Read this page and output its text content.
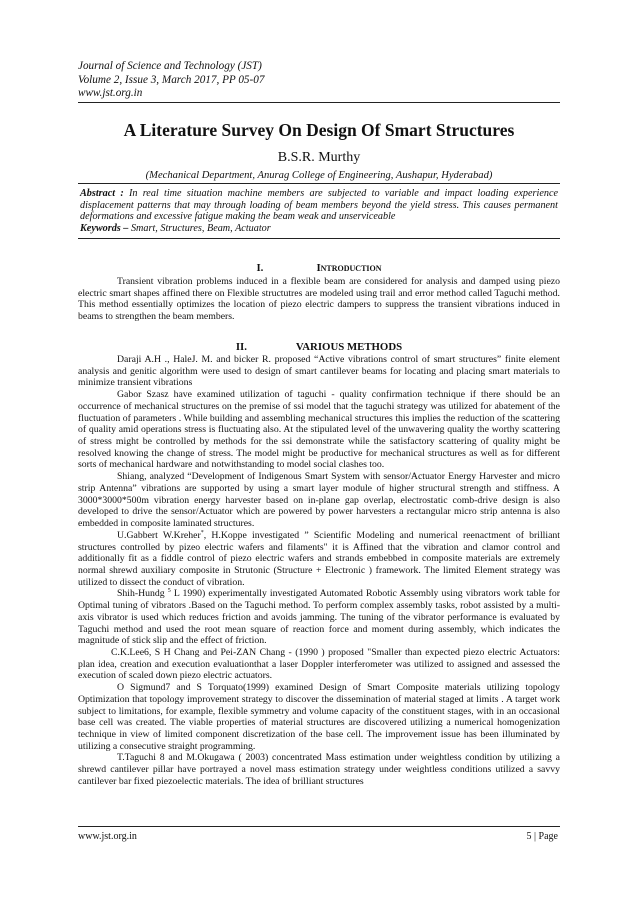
Journal of Science and Technology (JST)
Volume 2, Issue 3, March 2017, PP 05-07
www.jst.org.in
A Literature Survey On Design Of Smart Structures
B.S.R. Murthy
(Mechanical Department, Anurag College of Engineering, Aushapur, Hyderabad)
Abstract : In real time situation machine members are subjected to variable and impact loading experience displacement patterns that may through loading of beam members beyond the yield stress. This causes permanent deformations and excessive fatigue making the beam weak and unserviceable
Keywords – Smart, Structures, Beam, Actuator
I.	Introduction

Transient vibration problems induced in a flexible beam are considered for analysis and damped using piezo electric smart shapes affined there on Flexible structutres are modeled using trail and error method called Taguchi method. This method essentially optimizes the location of piezo electric dampers to suppress the transient vibrations induced in beams to strengthen the beam members.

II.	VARIOUS METHODS

Daraji A.H ., HaleJ. M. and bicker R. proposed “Active vibrations control of smart structures” finite element analysis and genitic algorithm were used to design of smart cantilever beams for locating and placing smart materials to minimize transient vibrations

Gabor Szasz have examined utilization of taguchi - quality confirmation technique if there should be an occurrence of mechanical structures on the premise of ssi model that the taguchi strategy was utilized for abatement of the fluctuation of parameters . While building and assembling mechanical structures this implies the reduction of the scattering of quality amid operations stress is fluctuating also. At the stipulated level of the unwavering quality the worthy scattering of stress might be controlled by methods for the ssi demonstrate while the satisfactory scattering of quality might be resolved knowing the change of stress. The model might be productive for mechanical structures as well as for different sorts of mechanical hardware and notwithstanding to model social clashes too.

Shiang, analyzed “Development of Indigenous Smart System with sensor/Actuator Energy Harvester and micro strip Antenna” vibrations are supported by using a smart layer module of higher structural strength and stiffness. A 3000*3000*500m vibration energy harvester based on in-plane gap overlap, electrostatic comb-drive design is also developed to drive the sensor/Actuator which are powered by power harvesters a rectangular micro strip antenna is also embedded in composite laminated structures.

U.Gabbert W.Kreher*, H.Koppe investigated ” Scientific Modeling and numerical reenactment of brilliant structures controlled by pizeo electric wafers and filaments" it is Affined that the vibration and clamor control and additionally fit as a fiddle control of piezo electric wafers and strands embebbed in composite materials are extremely normal shrewd auxiliary composite in Strutonic (Structure + Electronic ) framework. The limited Element strategy was utilized to dissect the conduct of vibration.

Shih-Hundg $^5$ L 1990) experimentally investigated Automated Robotic Assembly using vibrators work table for Optimal tuning of vibrators .Based on the Taguchi method. To perform complex assembly tasks, robot assisted by a multi-axis vibrator is used which reduces friction and avoids jamming. The tuning of the vibrator performance is evaluated by Taguchi method and used the root mean square of reaction force and moment during assembly, which indicates the magnitude of stick slip and the effect of friction.

C.K.Lee6, S H Chang and Pei-ZAN Chang - (1990 ) proposed "Smaller than expected piezo electric Actuators: plan idea, creation and execution evaluationthat a laser Doppler interferometer was utilized to assigned and assessed the execution of scaled down piezo electric actuators.

O Sigmund7 and S Torquato(1999) examined Design of Smart Composite materials utilizing topology Optimization that topology improvement strategy to discover the dissemination of material staged at limits . A target work subject to limitations, for example, flexible symmetry and volume capacity of the constituent stages, with in an occasional base cell was created. The viable properties of material structures are discovered utilizing a numerical homogenization technique in view of limited component discretization of the base cell. The improvement issue has been illuminated by utilizing a consecutive straight programming.

T.Taguchi 8 and M.Okugawa ( 2003) concentrated Mass estimation under weightless condition by utilizing a shrewd cantilever pillar have portrayed a novel mass estimation strategy under weightless conditions utilized a savvy cantilever bar fixed piezoelectic materials. The idea of brilliant structures

www.jst.org.in	5 | Page
